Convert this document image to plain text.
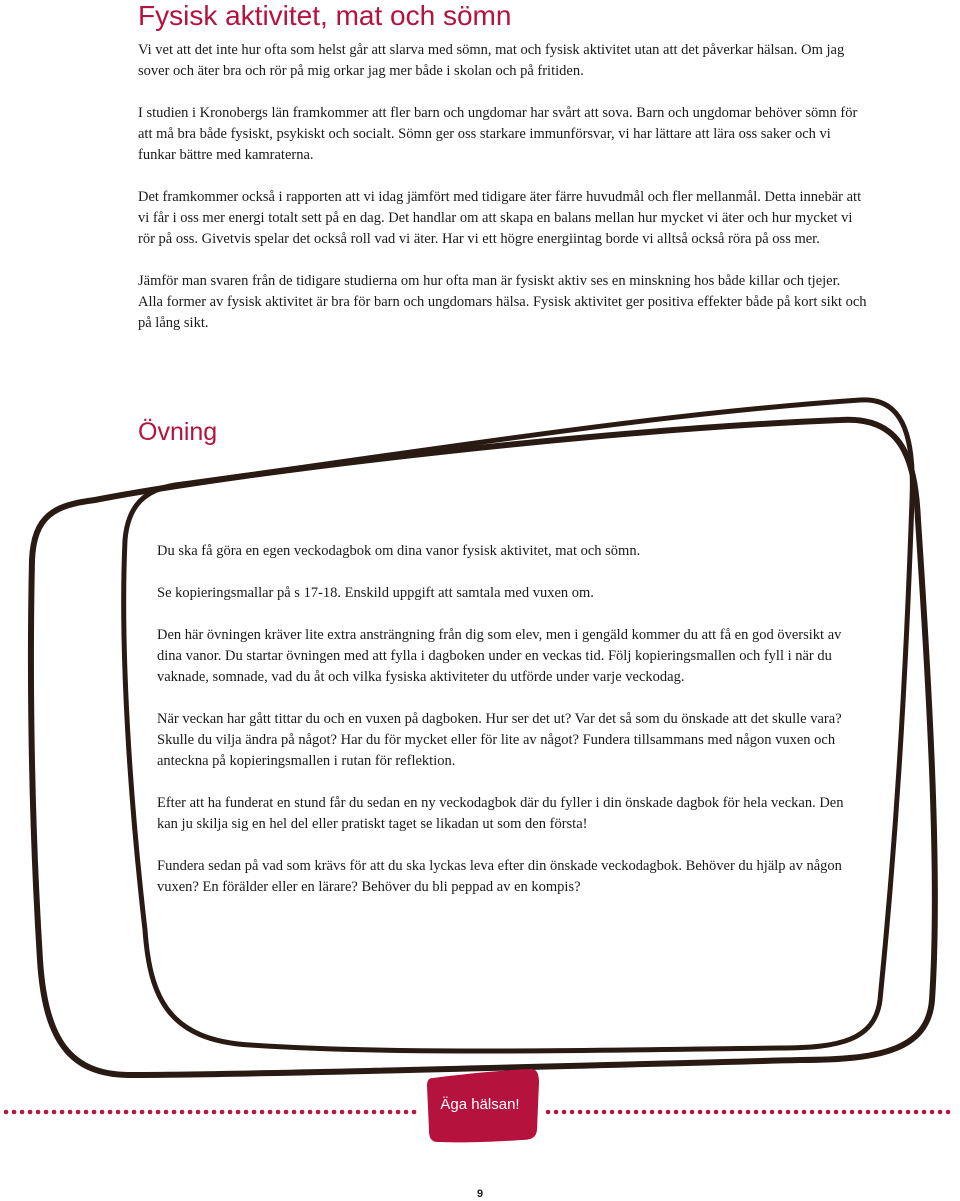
Fysisk aktivitet, mat och sömn

Vi vet att det inte hur ofta som helst går att slarva med sömn, mat och fysisk aktivitet utan att det påverkar hälsan. Om jag sover och äter bra och rör på mig orkar jag mer både i skolan och på fritiden.

I studien i Kronobergs län framkommer att fler barn och ungdomar har svårt att sova. Barn och ungdomar behöver sömn för att må bra både fysiskt, psykiskt och socialt. Sömn ger oss starkare immunförsvar, vi har lättare att lära oss saker och vi funkar bättre med kamraterna.

Det framkommer också i rapporten att vi idag jämfört med tidigare äter färre huvudmål och fler mellanmål. Detta innebär att vi får i oss mer energi totalt sett på en dag. Det handlar om att skapa en balans mellan hur mycket vi äter och hur mycket vi rör på oss. Givetvis spelar det också roll vad vi äter. Har vi ett högre energiintag borde vi alltså också röra på oss mer.

Jämför man svaren från de tidigare studierna om hur ofta man är fysiskt aktiv ses en minskning hos både killar och tjejer. Alla former av fysisk aktivitet är bra för barn och ungdomars hälsa. Fysisk aktivitet ger positiva effekter både på kort sikt och på lång sikt.

Övning

Du ska få göra en egen veckodagbok om dina vanor fysisk aktivitet, mat och sömn.

Se kopieringsmallar på s 17-18. Enskild uppgift att samtala med vuxen om.

Den här övningen kräver lite extra ansträngning från dig som elev, men i gengäld kommer du att få en god översikt av dina vanor. Du startar övningen med att fylla i dagboken under en veckas tid. Följ kopieringsmallen och fyll i när du vaknade, somnade, vad du åt och vilka fysiska aktiviteter du utförde under varje veckodag.

När veckan har gått tittar du och en vuxen på dagboken. Hur ser det ut? Var det så som du önskade att det skulle vara? Skulle du vilja ändra på något? Har du för mycket eller för lite av något? Fundera tillsammans med någon vuxen och anteckna på kopieringsmallen i rutan för reflektion.

Efter att ha funderat en stund får du sedan en ny veckodagbok där du fyller i din önskade dagbok för hela veckan. Den kan ju skilja sig en hel del eller pratiskt taget se likadan ut som den första!

Fundera sedan på vad som krävs för att du ska lyckas leva efter din önskade veckodagbok. Behöver du hjälp av någon vuxen? En förälder eller en lärare? Behöver du bli peppad av en kompis?

Äga hälsan!
9
